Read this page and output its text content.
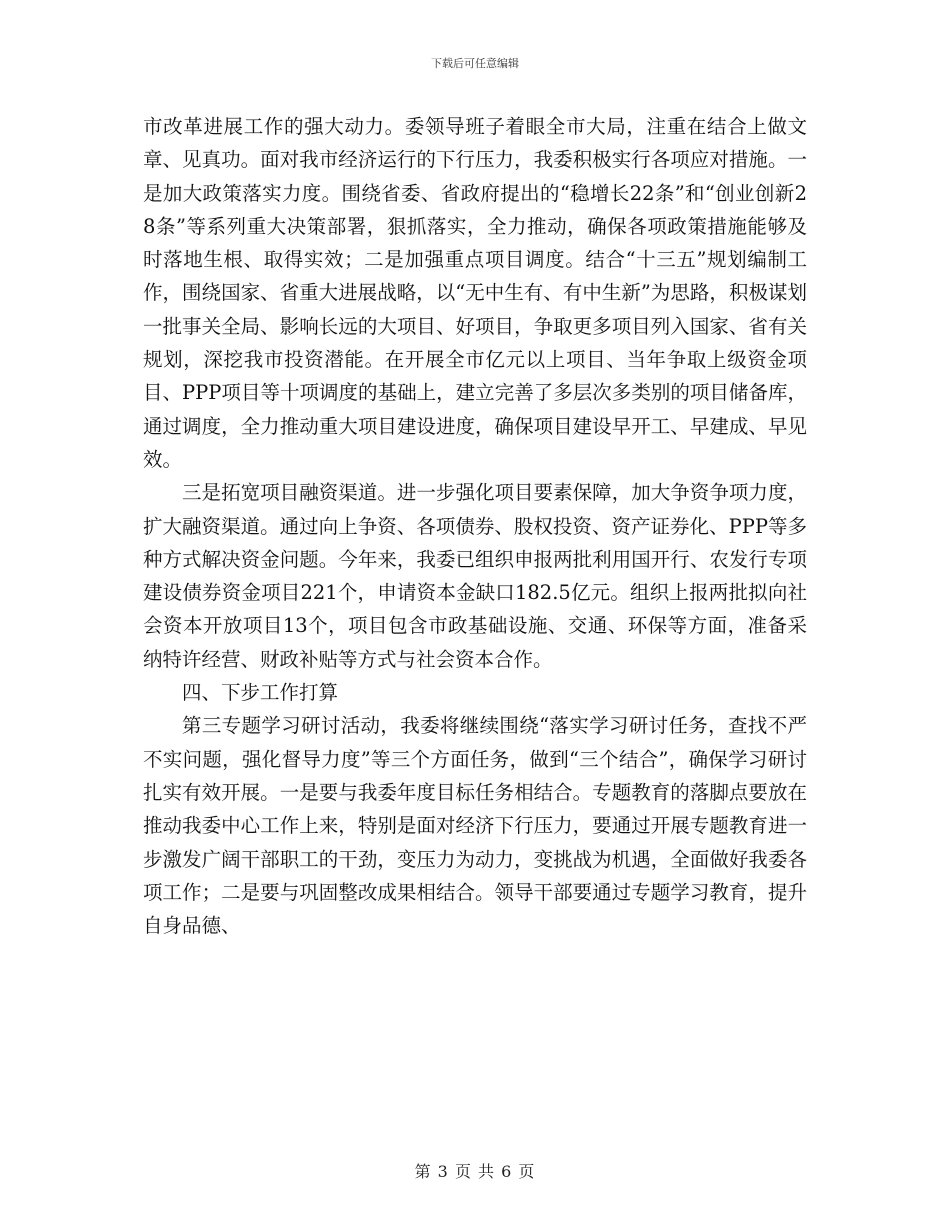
下载后可任意编辑

市改革进展工作的强大动力。委领导班子着眼全市大局，注重在结合上做文章、见真功。面对我市经济运行的下行压力，我委积极实行各项应对措施。一是加大政策落实力度。围绕省委、省政府提出的“稳增长22条”和“创业创新28条”等系列重大决策部署，狠抓落实，全力推动，确保各项政策措施能够及时落地生根、取得实效；二是加强重点项目调度。结合“十三五”规划编制工作，围绕国家、省重大进展战略，以“无中生有、有中生新”为思路，积极谋划一批事关全局、影响长远的大项目、好项目，争取更多项目列入国家、省有关规划，深挖我市投资潜能。在开展全市亿元以上项目、当年争取上级资金项目、PPP项目等十项调度的基础上，建立完善了多层次多类别的项目储备库，通过调度，全力推动重大项目建设进度，确保项目建设早开工、早建成、早见效。

三是拓宽项目融资渠道。进一步强化项目要素保障，加大争资争项力度，扩大融资渠道。通过向上争资、各项债券、股权投资、资产证券化、PPP等多种方式解决资金问题。今年来，我委已组织申报两批利用国开行、农发行专项建设债券资金项目221个，申请资本金缺口182.5亿元。组织上报两批拟向社会资本开放项目13个，项目包含市政基础设施、交通、环保等方面，准备采纳特许经营、财政补贴等方式与社会资本合作。

四、下步工作打算

第三专题学习研讨活动，我委将继续围绕“落实学习研讨任务，查找不严不实问题，强化督导力度”等三个方面任务，做到“三个结合”，确保学习研讨扎实有效开展。一是要与我委年度目标任务相结合。专题教育的落脚点要放在推动我委中心工作上来，特别是面对经济下行压力，要通过开展专题教育进一步激发广阔干部职工的干劲，变压力为动力，变挑战为机遇，全面做好我委各项工作；二是要与巩固整改成果相结合。领导干部要通过专题学习教育，提升自身品德、

第 3 页 共 6 页
